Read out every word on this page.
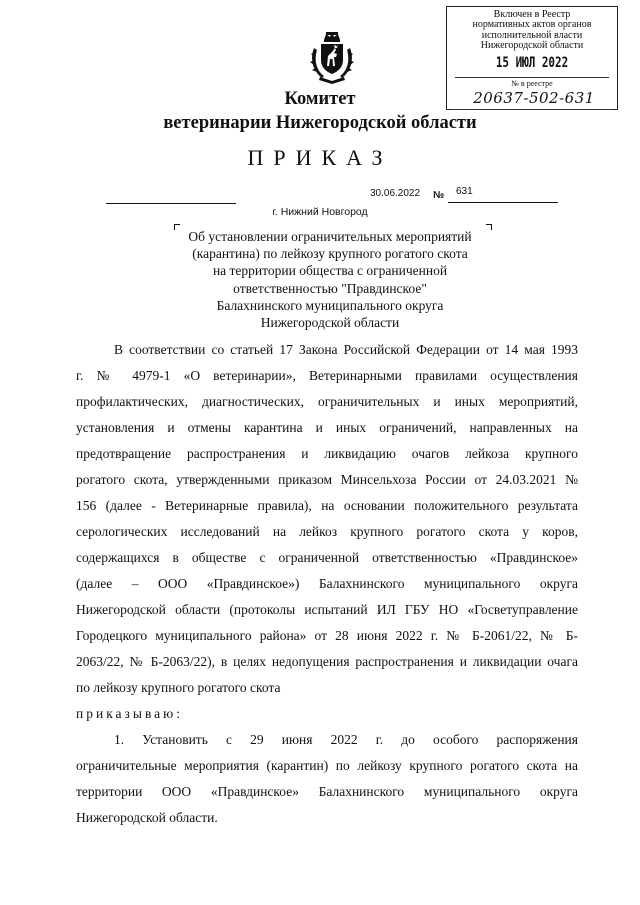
Включен в Реестр
нормативных актов органов
исполнительной власти
Нижегородской области
15 ИЮЛ 2022
№ в реестре
20637-502-631
Комитет
ветеринарии Нижегородской области
ПРИКАЗ
30.06.2022 № 631
г. Нижний Новгород
Об установлении ограничительных мероприятий
(карантина) по лейкозу крупного рогатого скота
на территории общества с ограниченной
ответственностью "Правдинское"
Балахнинского муниципального округа
Нижегородской области
В соответствии со статьей 17 Закона Российской Федерации от 14 мая 1993
г. № 4979-1 «О ветеринарии», Ветеринарными правилами осуществления
профилактических, диагностических, ограничительных и иных мероприятий,
установления и отмены карантина и иных ограничений, направленных на
предотвращение распространения и ликвидацию очагов лейкоза крупного
рогатого скота, утвержденными приказом Минсельхоза России от 24.03.2021 №
156 (далее - Ветеринарные правила), на основании положительного результата
серологических исследований на лейкоз крупного рогатого скота у коров,
содержащихся в обществе с ограниченной ответственностью «Правдинское»
(далее – ООО «Правдинское») Балахнинского муниципального округа
Нижегородской области (протоколы испытаний ИЛ ГБУ НО «Госветуправление
Городецкого муниципального района» от 28 июня 2022 г. № Б-2061/22, № Б-
2063/22, № Б-2063/22), в целях недопущения распространения и ликвидации очага
по лейкозу крупного рогатого скота
приказываю:
1. Установить с 29 июня 2022 г. до особого распоряжения
ограничительные мероприятия (карантин) по лейкозу крупного рогатого скота на
территории ООО «Правдинское» Балахнинского муниципального округа
Нижегородской области.
